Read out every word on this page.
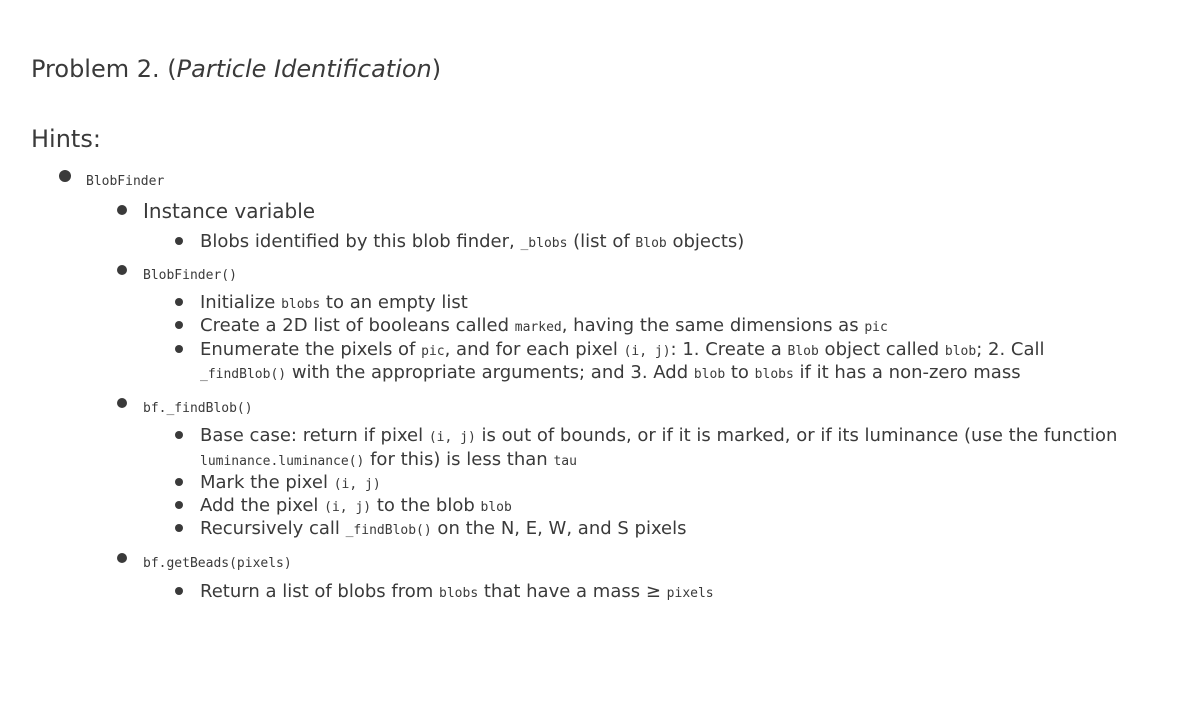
Problem 2. (Particle Identification)
Hints:
BlobFinder
Instance variable
Blobs identified by this blob finder, _blobs (list of Blob objects)
BlobFinder()
Initialize blobs to an empty list
Create a 2D list of booleans called marked, having the same dimensions as pic
Enumerate the pixels of pic, and for each pixel (i, j): 1. Create a Blob object called blob; 2. Call
_findBlob() with the appropriate arguments; and 3. Add blob to blobs if it has a non-zero mass
bf._findBlob()
Base case: return if pixel (i, j) is out of bounds, or if it is marked, or if its luminance (use the function
luminance.luminance() for this) is less than tau
Mark the pixel (i, j)
Add the pixel (i, j) to the blob blob
Recursively call _findBlob() on the N, E, W, and S pixels
bf.getBeads(pixels)
Return a list of blobs from blobs that have a mass ≥ pixels
